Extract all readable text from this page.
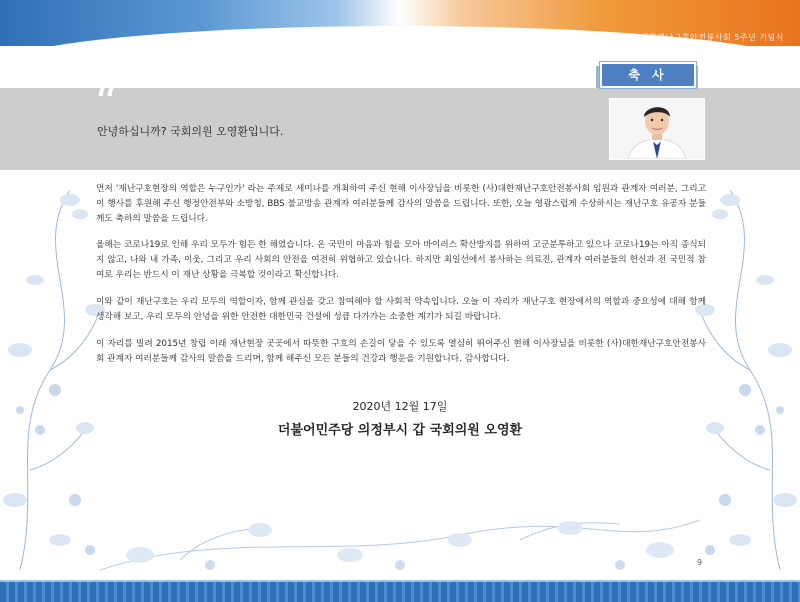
대한재난구호안전봉사회 5주년 기념식
축 사
“
“
안녕하십니까? 국회의원 오영환입니다.

먼저 '재난구호현장의 역할은 누구인가' 라는 주제로 세미나를 개최하여 주신 현해 이사장님을 비롯한 (사)대한재난구호안전봉사회 임원과 관계자 여러분, 그리고 이 행사를 후원해 주신 행정안전부와 소방청, BBS 불교방송 관계자 여러분들께 감사의 말씀을 드립니다. 또한, 오늘 영광스럽게 수상하시는 재난구호 유공자 분들께도 축하의 말씀을 드립니다.

올해는 코로나19로 인해 우리 모두가 힘든 한 해였습니다. 온 국민이 마음과 힘을 모아 바이러스 확산방지를 위하여 고군분투하고 있으나 코로나19는 아직 종식되지 않고, 나와 내 가족, 이웃, 그리고 우리 사회의 안전을 여전히 위협하고 있습니다. 하지만 최일선에서 봉사하는 의료진, 관계자 여러분들의 헌신과 전 국민적 참여로 우리는 반드시 이 재난 상황을 극복할 것이라고 확신합니다.

이와 같이 재난구호는 우리 모두의 역할이자, 함께 관심을 갖고 참여해야 할 사회적 약속입니다. 오늘 이 자리가 재난구호 현장에서의 역할과 중요성에 대해 함께 생각해 보고, 우리 모두의 안녕을 위한 안전한 대한민국 건설에 성큼 다가가는 소중한 계기가 되길 바랍니다.

이 자리를 빌려 2015년 창립 이래 재난현장 곳곳에서 따뜻한 구호의 손길이 닿을 수 있도록 열심히 뛰어주신 현해 이사장님을 비롯한 (사)대한재난구호안전봉사회 관계자 여러분들께 감사의 말씀을 드리며, 함께 해주신 모든 분들의 건강과 행운을 기원합니다. 감사합니다.

2020년 12월 17일
더불어민주당 의정부시 갑 국회의원 오영환
9
